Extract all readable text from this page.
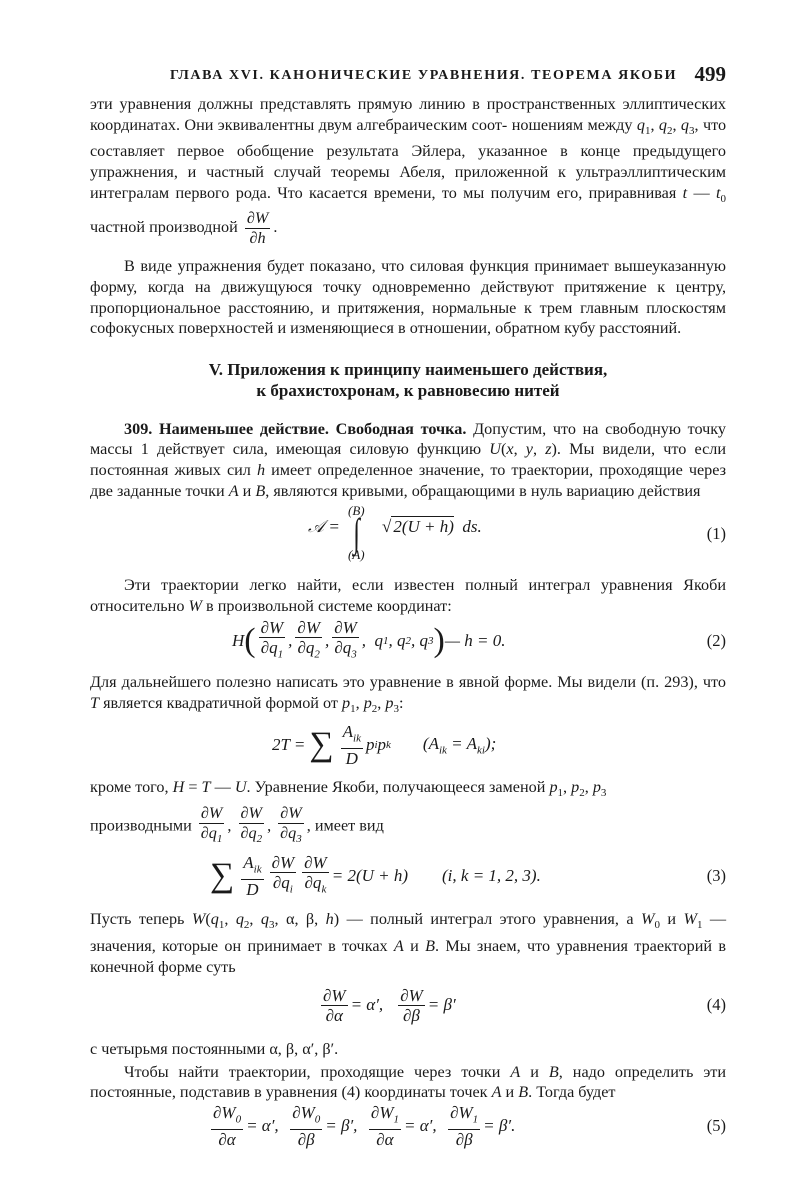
ГЛАВА XVI. КАНОНИЧЕСКИЕ УРАВНЕНИЯ. ТЕОРЕМА ЯКОБИ 499

эти уравнения должны представлять прямую линию в пространственных эллиптических координатах. Они эквивалентны двум алгебраическим соот- ношениям между $q_1$, $q_2$, $q_3$, что составляет первое обобщение результата Эйлера, указанное в конце предыдущего упражнения, и частный случай теоремы Абеля, приложенной к ультраэллиптическим интегралам первого рода. Что касается времени, то мы получим его, приравнивая t — $t_0$ частной производной $\frac{\partial W}{\partial h}$ .

В виде упражнения будет показано, что силовая функция принимает вышеуказанную форму, когда на движущуюся точку одновременно действуют притяжение к центру, пропорциональное расстоянию, и притяжения, нормальные к трем главным плоскостям софокусных поверхностей и изменяющиеся в отношении, обратном кубу расстояний.

V. Приложения к принципу наименьшего действия,
к брахистохронам, к равновесию нитей

309. Наименьшее действие. Свободная точка. Допустим, что на свободную точку массы 1 действует сила, имеющая силовую функцию U(x, y, z). Мы видели, что если постоянная живых сил h имеет определенное значение, то траектории, проходящие через две заданные точки A и B, являются кривыми, обращающими в нуль вариацию действия

𝒜 =
(B)
∫
(A)
√ 2(U + h)  ds.	(1)

Эти траектории легко найти, если известен полный интеграл уравнения Якоби относительно W в произвольной системе координат:

H ( $\frac{\partial W}{\partial q_1}$ , $\frac{\partial W}{\partial q_2}$ , $\frac{\partial W}{\partial q_3}$ ,  q 1 , q 2 , q 3 ) — h = 0.	(2)

Для дальнейшего полезно написать это уравнение в явной форме. Мы видели (п. 293), что T является квадратичной формой от $p_1$, $p_2$, $p_3$:

2T = ∑ $\frac{A_{ik}}{D}$ p i p k $(A_{ik} = A_{ki})$;

кроме того, H = T — U. Уравнение Якоби, получающееся заменой $p_1$, $p_2$, $p_3$
производными $\frac{\partial W}{\partial q_1}$ , $\frac{\partial W}{\partial q_2}$ , $\frac{\partial W}{\partial q_3}$ , имеет вид

∑ $\frac{A_{ik}}{D} \frac{\partial W}{\partial q_i} \frac{\partial W}{\partial q_k} = 2(U + h)$ (i, k = 1, 2, 3).	(3)

Пусть теперь $W(q_1$, $q_2$, $q_3$, α, β, h) — полный интеграл этого уравнения, а $W_0$ и $W_1$ — значения, которые он принимает в точках A и B. Мы знаем, что уравнения траекторий в конечной форме суть

$\frac{\partial W}{\partial\alpha} = \alpha'$, $\frac{\partial W}{\partial\beta} = \beta'$	(4)

с четырьмя постоянными α, β, α′, β′.

Чтобы найти траектории, проходящие через точки A и B, надо определить эти постоянные, подставив в уравнения (4) координаты точек A и B. Тогда будет

$\frac{\partial W_0}{\partial\alpha} = \alpha'$, $\frac{\partial W_0}{\partial\beta} = \beta'$, $\frac{\partial W_1}{\partial\alpha} = \alpha'$, $\frac{\partial W_1}{\partial\beta} = \beta'$.	(5)
